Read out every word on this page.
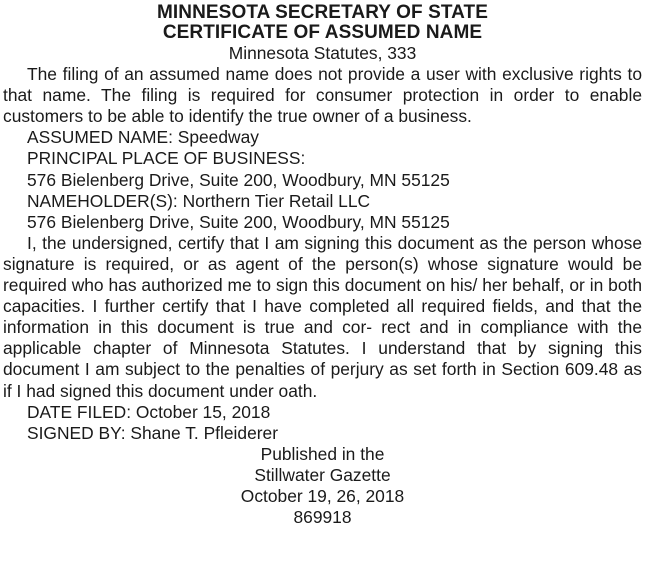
MINNESOTA SECRETARY OF STATE
CERTIFICATE OF ASSUMED NAME
Minnesota Statutes, 333
The filing of an assumed name does not provide a user with exclusive rights to that name. The filing is required for consumer protection in order to enable customers to be able to identify the true owner of a business.
ASSUMED NAME: Speedway
PRINCIPAL PLACE OF BUSINESS:
576 Bielenberg Drive, Suite 200, Woodbury, MN 55125
NAMEHOLDER(S): Northern Tier Retail LLC
576 Bielenberg Drive, Suite 200, Woodbury, MN 55125
I, the undersigned, certify that I am signing this document as the person whose signature is required, or as agent of the person(s) whose signature would be required who has authorized me to sign this document on his/ her behalf, or in both capacities. I further certify that I have completed all required fields, and that the information in this document is true and cor- rect and in compliance with the applicable chapter of Minnesota Statutes. I understand that by signing this document I am subject to the penalties of perjury as set forth in Section 609.48 as if I had signed this document under oath.
DATE FILED: October 15, 2018
SIGNED BY: Shane T. Pfleiderer
Published in the
Stillwater Gazette
October 19, 26, 2018
869918
